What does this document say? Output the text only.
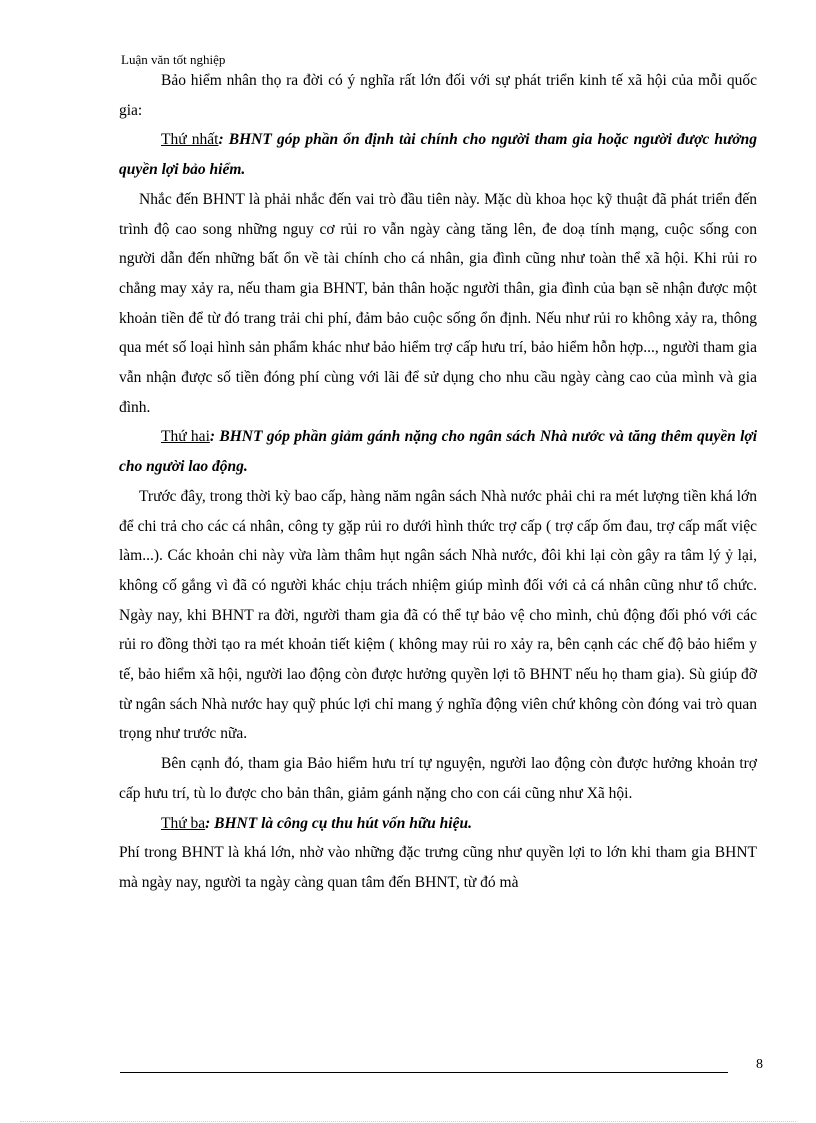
Luận văn tốt nghiệp

Bảo hiểm nhân thọ ra đời có ý nghĩa rất lớn đối với sự phát triển kinh tế xã hội của mỗi quốc gia:

Thứ nhất: BHNT góp phần ổn định tài chính cho người tham gia hoặc người được hưởng quyền lợi bảo hiểm.

Nhắc đến BHNT là phải nhắc đến vai trò đầu tiên này. Mặc dù khoa học kỹ thuật đã phát triển đến trình độ cao song những nguy cơ rủi ro vẫn ngày càng tăng lên, đe doạ tính mạng, cuộc sống con người dẫn đến những bất ổn về tài chính cho cá nhân, gia đình cũng như toàn thể xã hội. Khi rủi ro chẳng may xảy ra, nếu tham gia BHNT, bản thân hoặc người thân, gia đình của bạn sẽ nhận được một khoản tiền để từ đó trang trải chi phí, đảm bảo cuộc sống ổn định. Nếu như rủi ro không xảy ra, thông qua mét số loại hình sản phẩm khác như bảo hiểm trợ cấp hưu trí, bảo hiểm hỗn hợp..., người tham gia vẫn nhận được số tiền đóng phí cùng với lãi để sử dụng cho nhu cầu ngày càng cao của mình và gia đình.

Thứ hai: BHNT góp phần giảm gánh nặng cho ngân sách Nhà nước và tăng thêm quyền lợi cho người lao động.

Trước đây, trong thời kỳ bao cấp, hàng năm ngân sách Nhà nước phải chi ra mét lượng tiền khá lớn để chi trả cho các cá nhân, công ty gặp rủi ro dưới hình thức trợ cấp ( trợ cấp ốm đau, trợ cấp mất việc làm...). Các khoản chi này vừa làm thâm hụt ngân sách Nhà nước, đôi khi lại còn gây ra tâm lý ỷ lại, không cố gắng vì đã có người khác chịu trách nhiệm giúp mình đối với cả cá nhân cũng như tổ chức. Ngày nay, khi BHNT ra đời, người tham gia đã có thể tự bảo vệ cho mình, chủ động đối phó với các rủi ro đồng thời tạo ra mét khoản tiết kiệm ( không may rủi ro xảy ra, bên cạnh các chế độ bảo hiểm y tế, bảo hiểm xã hội, người lao động còn được hưởng quyền lợi tõ BHNT nếu họ tham gia). Sù giúp đỡ từ ngân sách Nhà nước hay quỹ phúc lợi chỉ mang ý nghĩa động viên chứ không còn đóng vai trò quan trọng như trước nữa.

Bên cạnh đó, tham gia Bảo hiểm hưu trí tự nguyện, người lao động còn được hưởng khoản trợ cấp hưu trí, tù lo được cho bản thân, giảm gánh nặng cho con cái cũng như Xã hội.

Thứ ba: BHNT là công cụ thu hút vốn hữu hiệu.

Phí trong BHNT là khá lớn, nhờ vào những đặc trưng cũng như quyền lợi to lớn khi tham gia BHNT mà ngày nay, người ta ngày càng quan tâm đến BHNT, từ đó mà

8
